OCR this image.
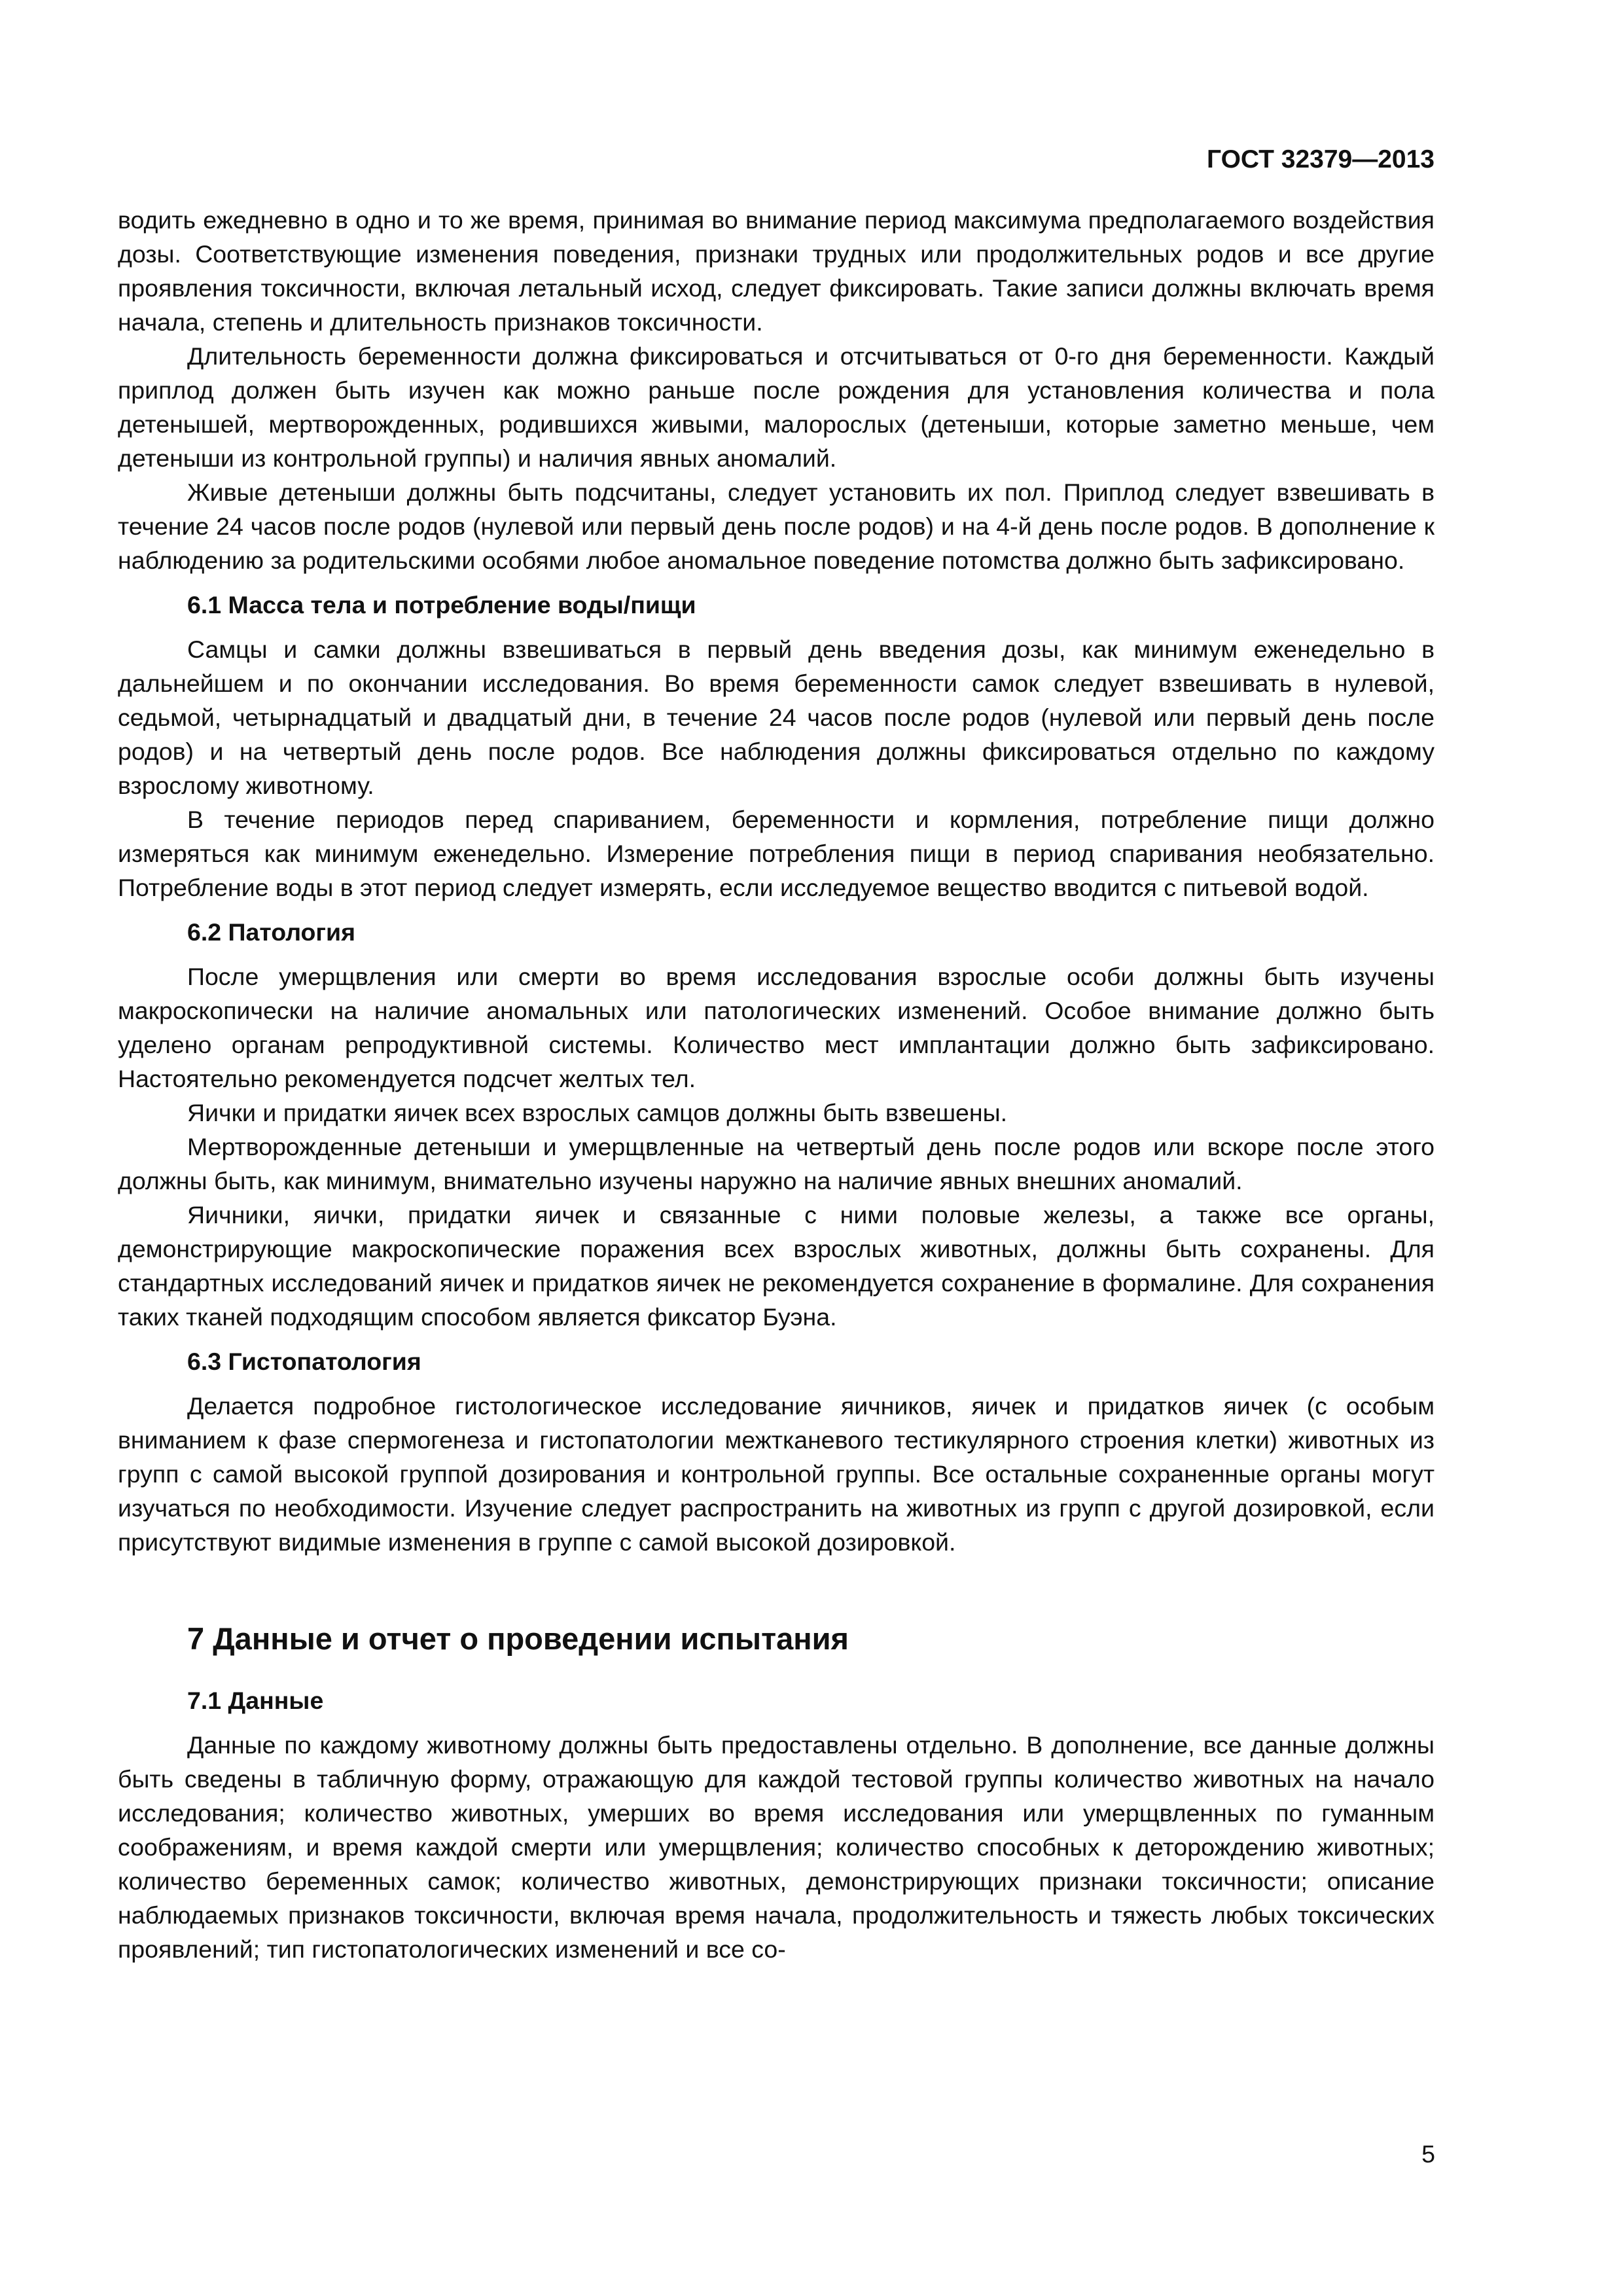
ГОСТ 32379—2013

водить ежедневно в одно и то же время, принимая во внимание период максимума предполагаемого воздействия дозы. Соответствующие изменения поведения, признаки трудных или продолжительных родов и все другие проявления токсичности, включая летальный исход, следует фиксировать. Такие записи должны включать время начала, степень и длительность признаков токсичности.

Длительность беременности должна фиксироваться и отсчитываться от 0-го дня беременности. Каждый приплод должен быть изучен как можно раньше после рождения для установления количества и пола детенышей, мертворожденных, родившихся живыми, малорослых (детеныши, которые заметно меньше, чем детеныши из контрольной группы) и наличия явных аномалий.

Живые детеныши должны быть подсчитаны, следует установить их пол. Приплод следует взвешивать в течение 24 часов после родов (нулевой или первый день после родов) и на 4-й день после родов. В дополнение к наблюдению за родительскими особями любое аномальное поведение потомства должно быть зафиксировано.

6.1 Масса тела и потребление воды/пищи

Самцы и самки должны взвешиваться в первый день введения дозы, как минимум еженедельно в дальнейшем и по окончании исследования. Во время беременности самок следует взвешивать в нулевой, седьмой, четырнадцатый и двадцатый дни, в течение 24 часов после родов (нулевой или первый день после родов) и на четвертый день после родов. Все наблюдения должны фиксироваться отдельно по каждому взрослому животному.

В течение периодов перед спариванием, беременности и кормления, потребление пищи должно измеряться как минимум еженедельно. Измерение потребления пищи в период спаривания необязательно. Потребление воды в этот период следует измерять, если исследуемое вещество вводится с питьевой водой.

6.2 Патология

После умерщвления или смерти во время исследования взрослые особи должны быть изучены макроскопически на наличие аномальных или патологических изменений. Особое внимание должно быть уделено органам репродуктивной системы. Количество мест имплантации должно быть зафиксировано. Настоятельно рекомендуется подсчет желтых тел.

Яички и придатки яичек всех взрослых самцов должны быть взвешены.

Мертворожденные детеныши и умерщвленные на четвертый день после родов или вскоре после этого должны быть, как минимум, внимательно изучены наружно на наличие явных внешних аномалий.

Яичники, яички, придатки яичек и связанные с ними половые железы, а также все органы, демонстрирующие макроскопические поражения всех взрослых животных, должны быть сохранены. Для стандартных исследований яичек и придатков яичек не рекомендуется сохранение в формалине. Для сохранения таких тканей подходящим способом является фиксатор Буэна.

6.3 Гистопатология

Делается подробное гистологическое исследование яичников, яичек и придатков яичек (с особым вниманием к фазе спермогенеза и гистопатологии межтканевого тестикулярного строения клетки) животных из групп с самой высокой группой дозирования и контрольной группы. Все остальные сохраненные органы могут изучаться по необходимости. Изучение следует распространить на животных из групп с другой дозировкой, если присутствуют видимые изменения в группе с самой высокой дозировкой.

7 Данные и отчет о проведении испытания
7.1 Данные

Данные по каждому животному должны быть предоставлены отдельно. В дополнение, все данные должны быть сведены в табличную форму, отражающую для каждой тестовой группы количество животных на начало исследования; количество животных, умерших во время исследования или умерщвленных по гуманным соображениям, и время каждой смерти или умерщвления; количество способных к деторождению животных; количество беременных самок; количество животных, демонстрирующих признаки токсичности; описание наблюдаемых признаков токсичности, включая время начала, продолжительность и тяжесть любых токсических проявлений; тип гистопатологических изменений и все со-

5
